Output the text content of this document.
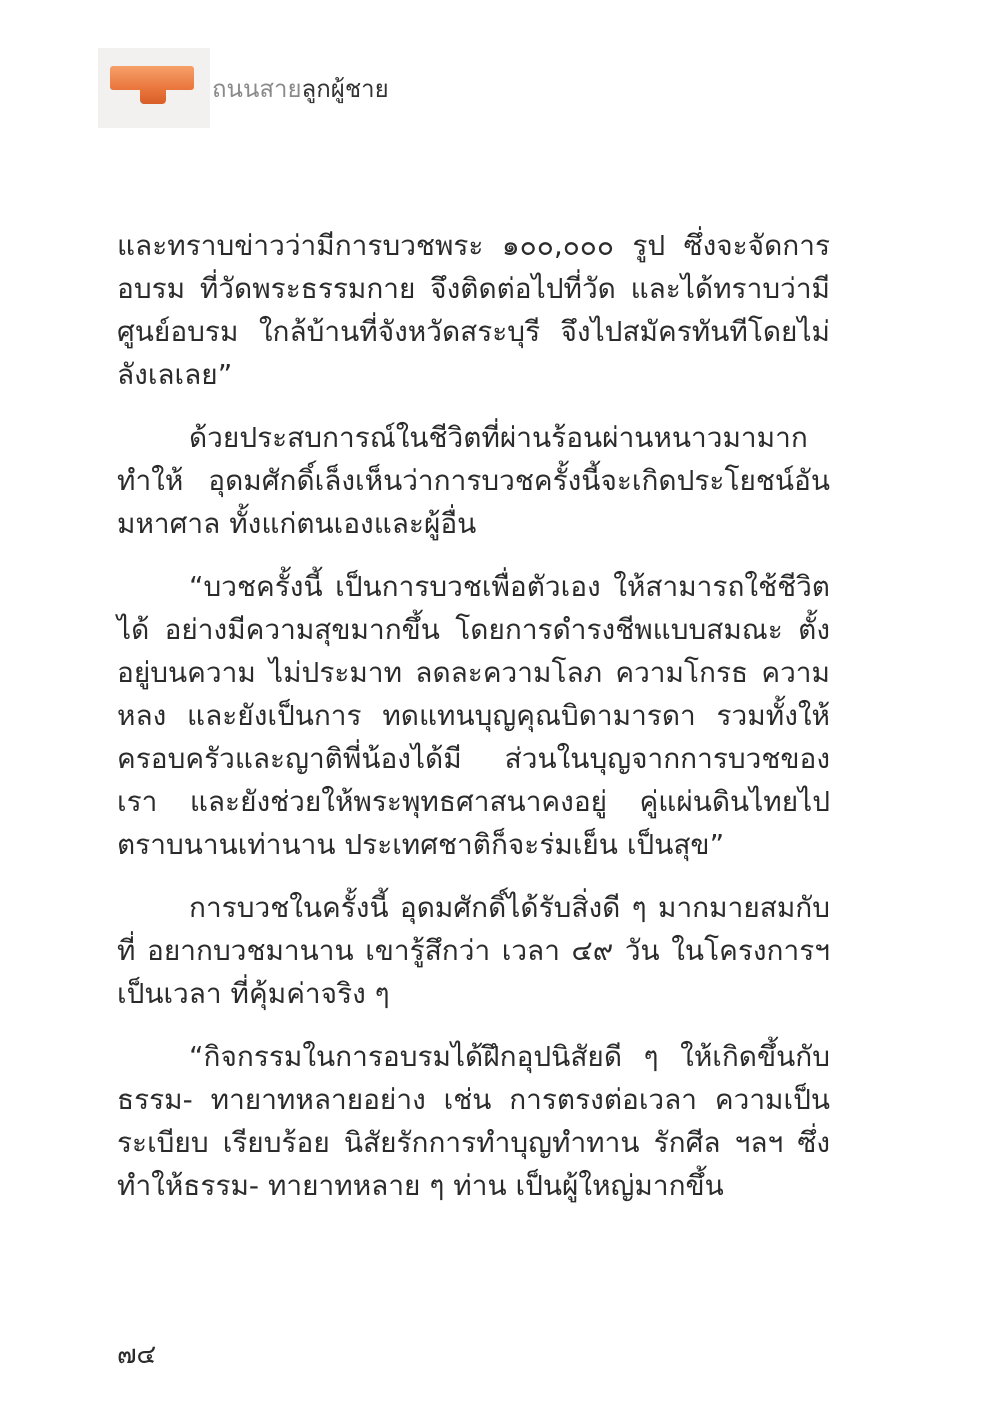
ถนนสายลูกผู้ชาย

และทราบข่าวว่ามีการบวชพระ ๑๐๐,๐๐๐ รูป ซึ่งจะจัดการอบรม ที่วัดพระธรรมกาย จึงติดต่อไปที่วัด และได้ทราบว่ามีศูนย์อบรม ใกล้บ้านที่จังหวัดสระบุรี จึงไปสมัครทันทีโดยไม่ลังเลเลย”

ด้วยประสบการณ์ในชีวิตที่ผ่านร้อนผ่านหนาวมามาก ทำให้ อุดมศักดิ์เล็งเห็นว่าการบวชครั้งนี้จะเกิดประโยชน์อันมหาศาล ทั้งแก่ตนเองและผู้อื่น

“บวชครั้งนี้ เป็นการบวชเพื่อตัวเอง ให้สามารถใช้ชีวิตได้ อย่างมีความสุขมากขึ้น โดยการดำรงชีพแบบสมณะ ตั้งอยู่บนความ ไม่ประมาท ลดละความโลภ ความโกรธ ความหลง และยังเป็นการ ทดแทนบุญคุณบิดามารดา รวมทั้งให้ครอบครัวและญาติพี่น้องได้มี ส่วนในบุญจากการบวชของเรา และยังช่วยให้พระพุทธศาสนาคงอยู่ คู่แผ่นดินไทยไปตราบนานเท่านาน ประเทศชาติก็จะร่มเย็น เป็นสุข”

การบวชในครั้งนี้ อุดมศักดิ์ได้รับสิ่งดี ๆ มากมายสมกับที่ อยากบวชมานาน เขารู้สึกว่า เวลา ๔๙ วัน ในโครงการฯ เป็นเวลา ที่คุ้มค่าจริง ๆ

“กิจกรรมในการอบรมได้ฝึกอุปนิสัยดี ๆ ให้เกิดขึ้นกับธรรม- ทายาทหลายอย่าง เช่น การตรงต่อเวลา ความเป็นระเบียบ เรียบร้อย นิสัยรักการทำบุญทำทาน รักศีล ฯลฯ ซึ่งทำให้ธรรม- ทายาทหลาย ๆ ท่าน เป็นผู้ใหญ่มากขึ้น

๗๔
